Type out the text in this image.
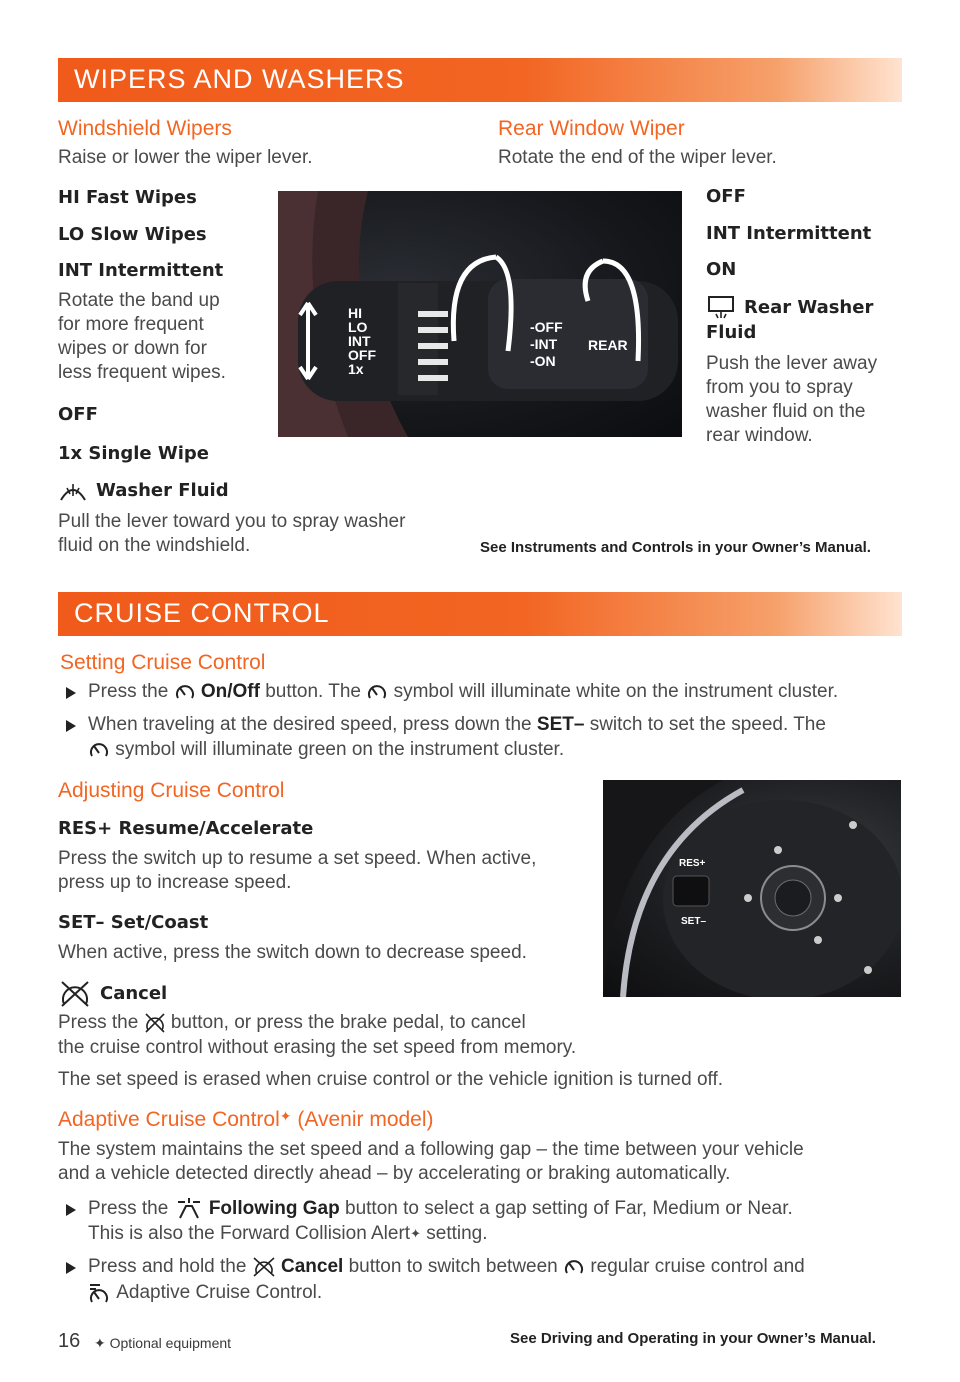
WIPERS AND WASHERS
Windshield Wipers
Raise or lower the wiper lever.
HI Fast Wipes
LO Slow Wipes
INT Intermittent
Rotate the band up
for more frequent
wipes or down for
less frequent wipes.
OFF
1x Single Wipe
Washer Fluid
Pull the lever toward you to spray washer
fluid on the windshield.
Rear Window Wiper
Rotate the end of the wiper lever.
OFF
INT Intermittent
ON
Rear Washer
Fluid
Push the lever away
from you to spray
washer fluid on the
rear window.
HI
LO
INT
OFF
1x
-OFF
-INT
-ON
REAR
See Instruments and Controls in your Owner’s Manual.
CRUISE CONTROL
Setting Cruise Control
Press the On/Off button. The symbol will illuminate white on the instrument cluster.
When traveling at the desired speed, press down the SET– switch to set the speed. The
symbol will illuminate green on the instrument cluster.
Adjusting Cruise Control
RES+ Resume/Accelerate
Press the switch up to resume a set speed. When active,
press up to increase speed.
SET– Set/Coast
When active, press the switch down to decrease speed.
Cancel
Press the button, or press the brake pedal, to cancel
the cruise control without erasing the set speed from memory.
The set speed is erased when cruise control or the vehicle ignition is turned off.
RES+
SET–
Adaptive Cruise Control✦ (Avenir model)
The system maintains the set speed and a following gap – the time between your vehicle
and a vehicle detected directly ahead – by accelerating or braking automatically.
Press the Following Gap button to select a gap setting of Far, Medium or Near.
This is also the Forward Collision Alert✦ setting.
Press and hold the Cancel button to switch between regular cruise control and
Adaptive Cruise Control.
16 ✦ Optional equipment	See Driving and Operating in your Owner’s Manual.
